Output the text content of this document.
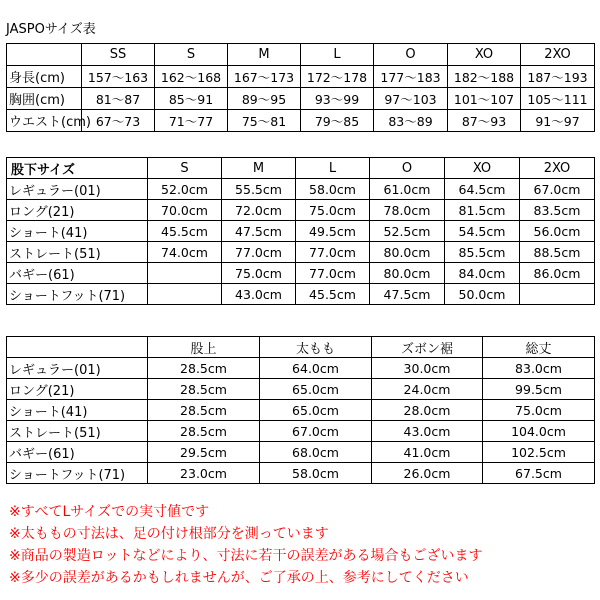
JASPOサイズ表
	SS	S	M	L	O	XO	2XO
身長(cm)	157〜163	162〜168	167〜173	172〜178	177〜183	182〜188	187〜193
胸囲(cm)	81〜87	85〜91	89〜95	93〜99	97〜103	101〜107	105〜111
ウエスト(cm)	67〜73	71〜77	75〜81	79〜85	83〜89	87〜93	91〜97
股下サイズ	S	M	L	O	XO	2XO
レギュラー(01)	52.0cm	55.5cm	58.0cm	61.0cm	64.5cm	67.0cm
ロング(21)	70.0cm	72.0cm	75.0cm	78.0cm	81.5cm	83.5cm
ショート(41)	45.5cm	47.5cm	49.5cm	52.5cm	54.5cm	56.0cm
ストレート(51)	74.0cm	77.0cm	77.0cm	80.0cm	85.5cm	88.5cm
バギー(61)		75.0cm	77.0cm	80.0cm	84.0cm	86.0cm
ショートフット(71)		43.0cm	45.5cm	47.5cm	50.0cm	
	股上	太もも	ズボン裾	総丈
レギュラー(01)	28.5cm	64.0cm	30.0cm	83.0cm
ロング(21)	28.5cm	65.0cm	24.0cm	99.5cm
ショート(41)	28.5cm	65.0cm	28.0cm	75.0cm
ストレート(51)	28.5cm	67.0cm	43.0cm	104.0cm
バギー(61)	29.5cm	68.0cm	41.0cm	102.5cm
ショートフット(71)	23.0cm	58.0cm	26.0cm	67.5cm
※すべてLサイズでの実寸値です
※太ももの寸法は、足の付け根部分を測っています
※商品の製造ロットなどにより、寸法に若干の誤差がある場合もございます
※多少の誤差があるかもしれませんが、ご了承の上、参考にしてください
